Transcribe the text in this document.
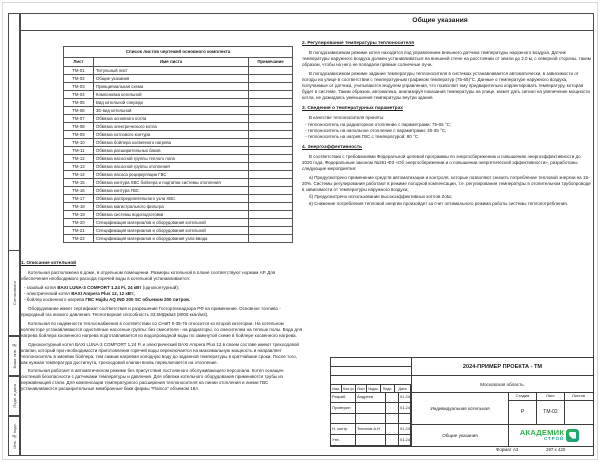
Согласовано
Взам. инв. №
Подп. и дата
Инв. № подл.
Общие указания
Список листов чертежей основного комплекта		
Лист	Имя листа	Примечание
ТМ-01	Титульный лист	
ТМ-02	Общие указания	
ТМ-03	Принципиальная схема	
ТМ-04	Компоновка котельной	
ТМ-05	Вид котельной спереди	
ТМ-06	3D вид котельной	
ТМ-07	Обвязка основного котла	
ТМ-08	Обвязка электрического котла	
ТМ-09	Обвязка котлового контура	
ТМ-10	Обвязка бойлера косвенного нагрева	
ТМ-11	Обвязка расширительных баков	
ТМ-12	Обвязка насосной группы теплого пола	
ТМ-13	Обвязка насосной группы отопления	
ТМ-14	Обвязка насоса рециркуляции ГВС	
ТМ-15	Обвязка контура ХВС бойлера и подпитки системы отопления	
ТМ-16	Обвязка контура ГВС	
ТМ-17	Обвязка распределительного узла ХВС	
ТМ-18	Обвязка магистрального фильтра	
ТМ-19	Обвязка системы водоподготовки	
ТМ-20	Спецификация материалов и оборудования котельной	
ТМ-21	Спецификация материалов и оборудования котельной	
ТМ-22	Спецификация материалов и оборудования узла ввода	
1. Описание котельной

Котельная расположена в доме, в отдельном помещении. Размеры котельной в плане соответствуют нормам АР. Для обеспечения необходимого расхода горячей воды в котельной устанавливается:

- газовый котел BAXI LUNA-3 COMFORT 1.24 Fi, 24 кВт (одноконтурный);
- электрический котел BAXI Ampera Plus 12, 12 кВт;
- бойлер косвенного нагрева ГВС Hajdu AQ IND 200 SC объемом 200 литров.

Оборудование имеет сертификат соответствия и разрешение Госгортехнадзора РФ на применение. Основное топливо - природный газ низкого давления. Теплотворная способность 33,5МДж/м3 (8000 ккал/м3).

Котельная по надежности теплоснабжения в соответствии со СНиП II-35-76 относится ко второй категории. На котельном коллекторе устанавливаются однотипные насосные группы: без смесителя - на радиаторы, со смесителем на теплые полы. Вода для нагрева бойлера косвенного нагрева подготавливается из водопроводной воды по замкнутой схеме в бойлере косвенного нагрева.

Одноконтурный котел BAXI LUNA-3 COMFORT 1.24 Fi и электрический BAXI Ampera Plus 12 в своем составе имеют трехходовой клапан, который при необходимости приготовления горячей воды переключается на максимальную мощность и направляет теплоноситель в змеевик бойлера, тем самым нагревая холодную воду до заданной температуры в кратчайшие сроки. После того, как нужная температура достигнута, трехходовой клапан вновь переключается на отопление.

Котельная работает в автоматическом режиме без присутствия постоянного обслуживающего персонала. Котел оснащен системой безопасности с датчиками температуры и давления. Для обвязки котельного оборудования применяются трубы из нержавеющей стали. Для компенсации температурного расширения теплоносителя на линии отопления и линии ГВС устанавливаются расширительные мембранные баки фирмы "Flamco" объемом 18л.

2. Регулирование температуры теплоносителя

В погодозависимом режиме котел находится под управлением внешнего датчика температуры наружного воздуха. Датчик температуры наружного воздуха должен устанавливаться на внешней стене на расстоянии от земли до 2,0 м, с северной стороны, таким образом, чтобы на него не попадали прямые солнечные лучи.

В погодозависимом режиме задание температуры теплоносителя в системах устанавливается автоматически, в зависимости от погоды на улице в соответствии с температурным графиком температур (75-65)°С. Данные о температуре наружного воздуха, получаемые от датчика, учитываются модулем управления, что позволяет ему предварительно корректировать температуру, которая будет в системе. Таким образом, автоматика, анализируя показания температуры на улице, может дать сигнал на увеличение мощности котла, не дожидаясь уменьшения температуры внутри здания.

3. Сведения о температурных параметрах

В качестве теплоносителя приняты:

- теплоноситель на радиаторное отопление с параметрами: 75-65 °С;
- теплоноситель на напольное отопление с параметрами: 40-35 °С;
- теплоноситель на нагрев ГВС с температурой: 80 °С.
4. Энергоэффективность

В соответствии с требованиями Федеральной целевой программы по энергосбережению и повышению энергоэффективности до 2020 года, Федеральным законом №261-ФЗ «Об энергосбережении и о повышении энергетической эффективности», разработаны следующие мероприятия:

а) Предусмотрено применение средств автоматизации и контроля, которые позволяют снизить потребление тепловой энергии на 15-20%. Системы регулирования работают в режиме погодной компенсации, т.е. регулирования температуры в отопительном трубопроводе в зависимости от температуры наружного воздуха;

б) Предусмотрено использование высокоэффективных котлов Zota;

в) Снижение потребления тепловой энергии произойдет за счет оптимального режима работы системы теплопотребления.

2024-ПРИМЕР ПРОЕКТА - ТМ
Московская область.
Изм. Кол.уч Лист №док.	Подп.	Дата
Разраб.	Андреев	01.24
Проверил	01.24
Н. контр.	Тихонов А.Н	01.24
Утв.	01.24
Индивидуальная котельная
Общие указания
Стадия	Лист	Листов
Р	ТМ-02
АКАДЕМИК
СТРОЙ
Формат А3	297 х 420
